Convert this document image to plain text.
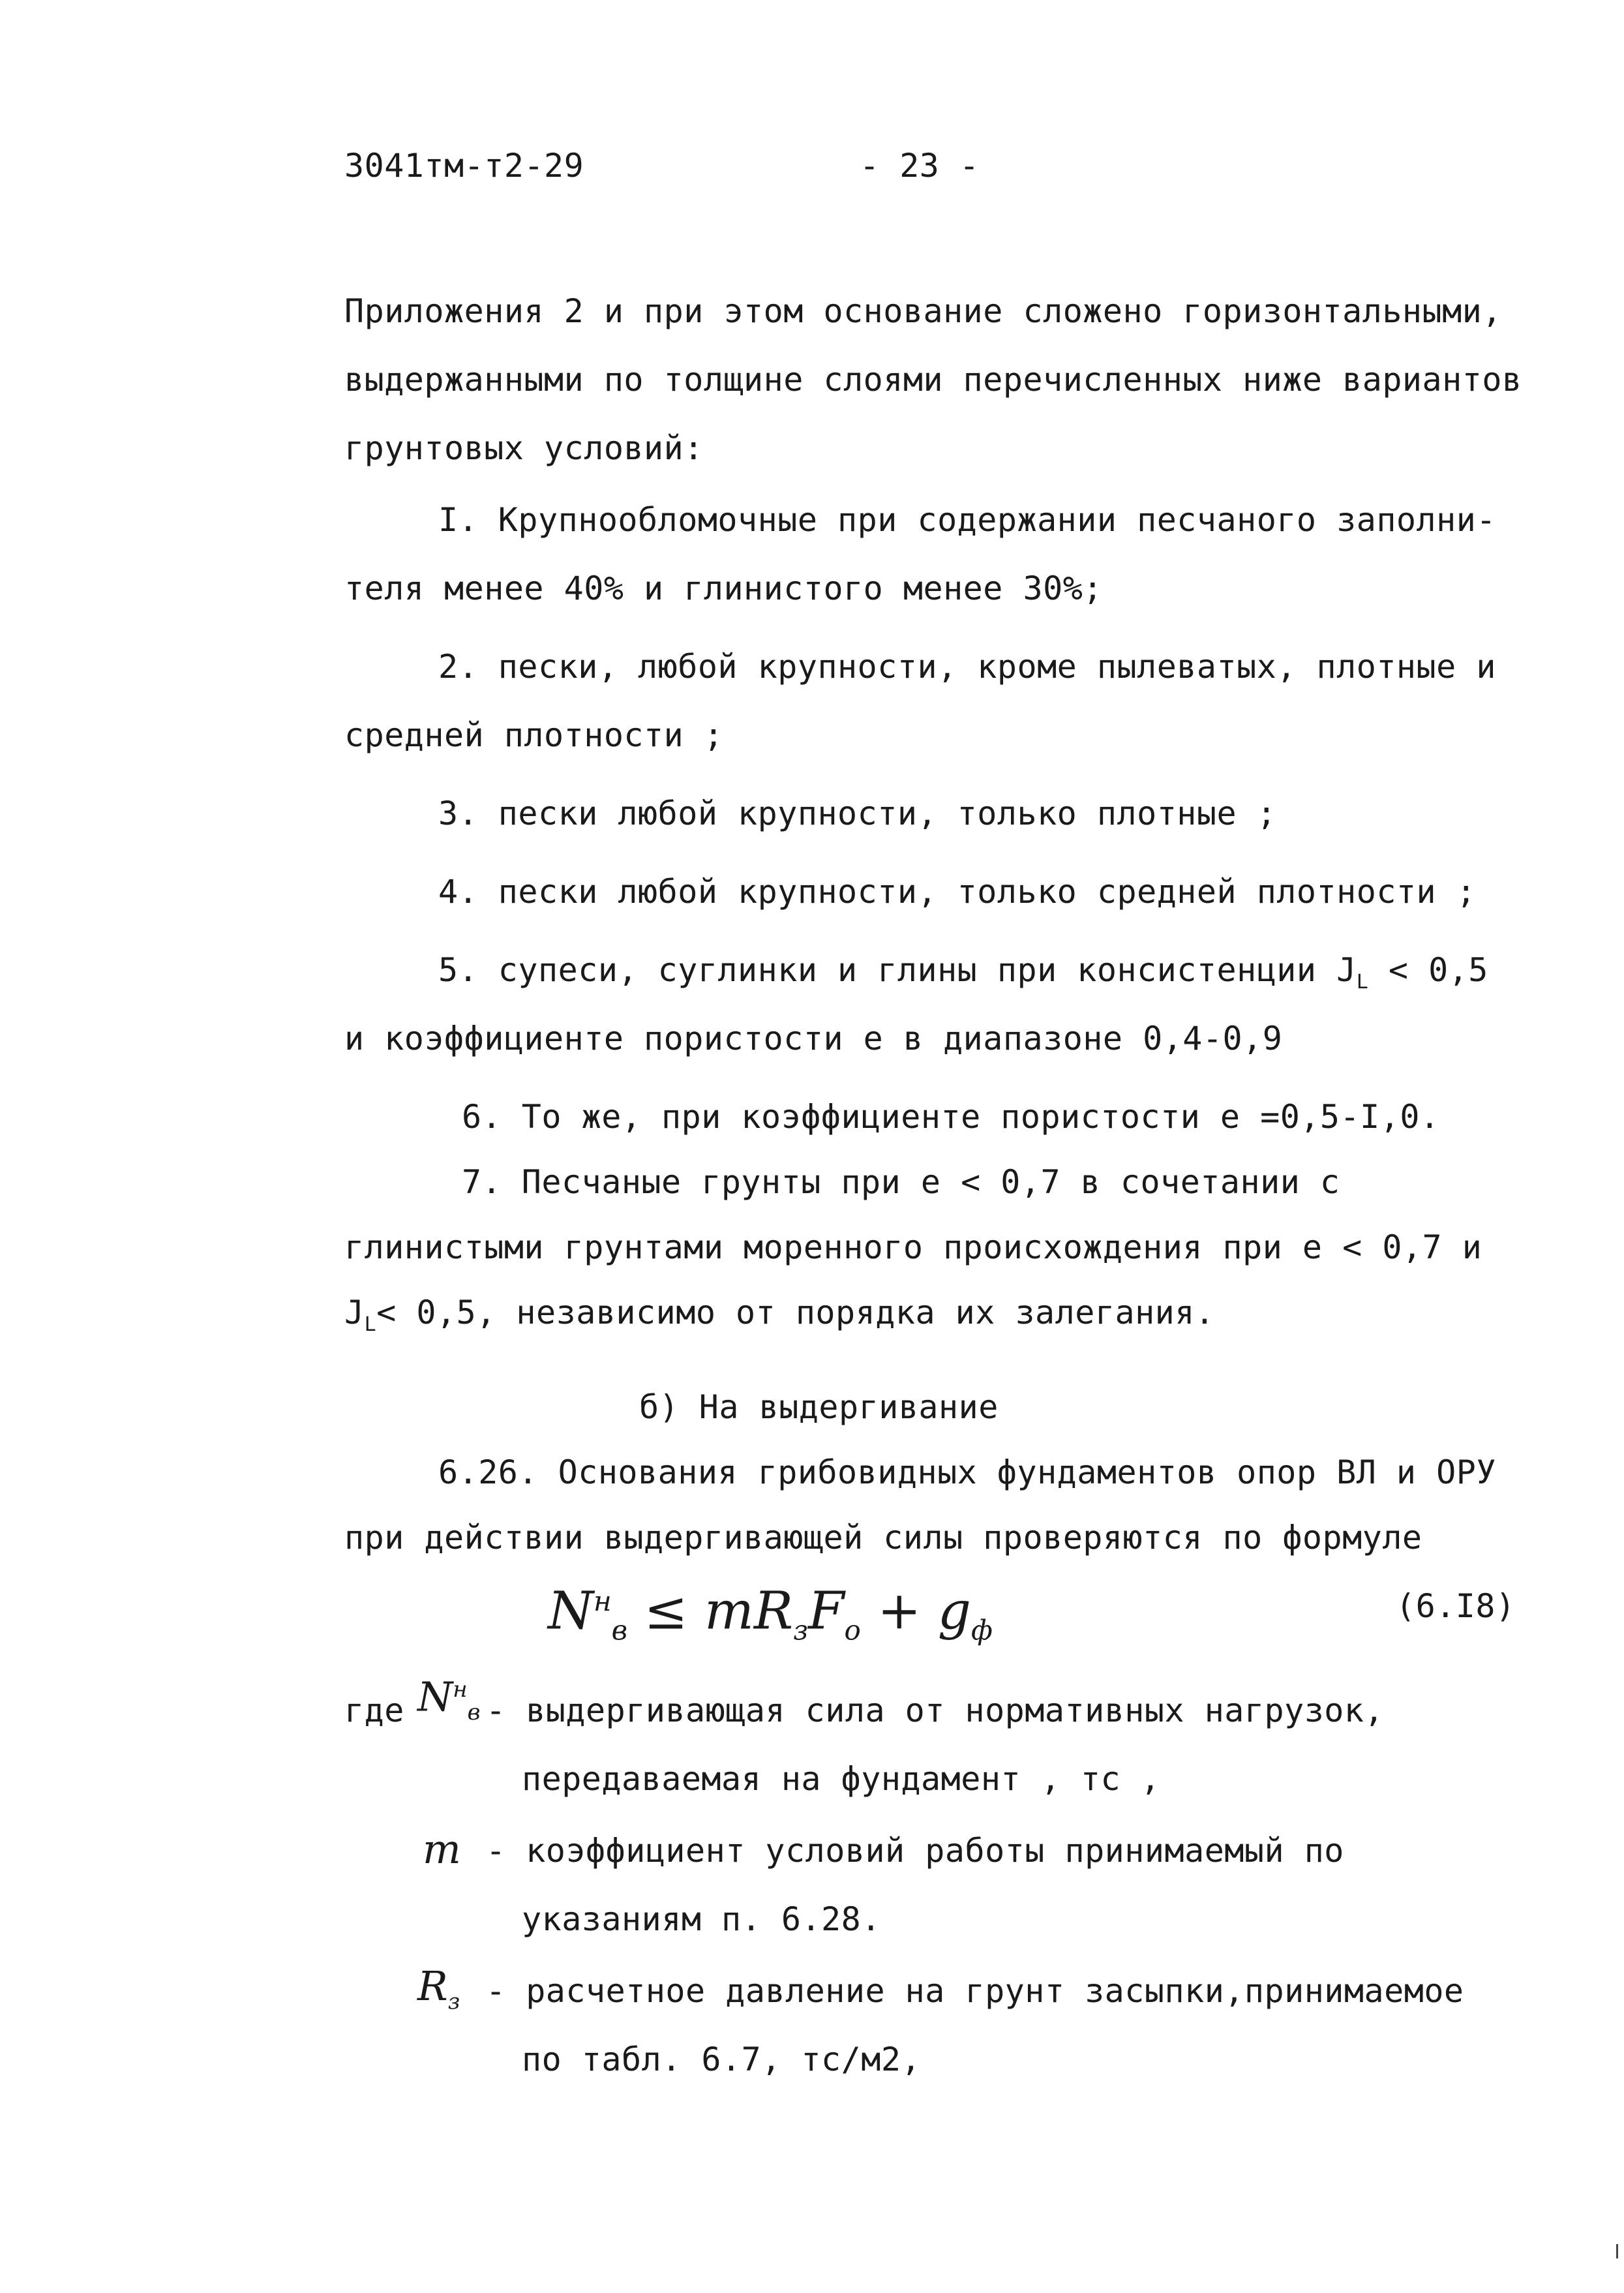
3041тм-т2-29	- 23 -
Приложения 2 и при этом основание сложено горизонтальными,
выдержанными по толщине слоями перечисленных ниже вариантов
грунтовых условий:
I. Крупнообломочные при содержании песчаного заполни-
теля менее 40% и глинистого менее 30%;
2. пески, любой крупности, кроме пылеватых, плотные и
средней плотности ;
3. пески любой крупности, только плотные ;
4. пески любой крупности, только средней плотности ;
5. супеси, суглинки и глины при консистенции $J_L < 0,5$
и коэффициенте пористости e в диапазоне 0,4-0,9
6. То же, при коэффициенте пористости e =0,5-I,0.
7. Песчаные грунты при e < 0,7 в сочетании с
глинистыми грунтами моренного происхождения при e < 0,7 и
$J_L< 0,5$, независимо от порядка их залегания.
б) На выдергивание
6.26. Основания грибовидных фундаментов опор ВЛ и ОРУ
при действии выдергивающей силы проверяются по формуле
$N^н_в \le mR_зF_о + g_ф$
(6.I8)
где $N^н_в$ - выдергивающая сила от нормативных нагрузок,
передаваемая на фундамент , тс ,
m - коэффициент условий работы принимаемый по
указаниям п. 6.28.
$R_з$ - расчетное давление на грунт засыпки,принимаемое
по табл. 6.7, тс/м2,
